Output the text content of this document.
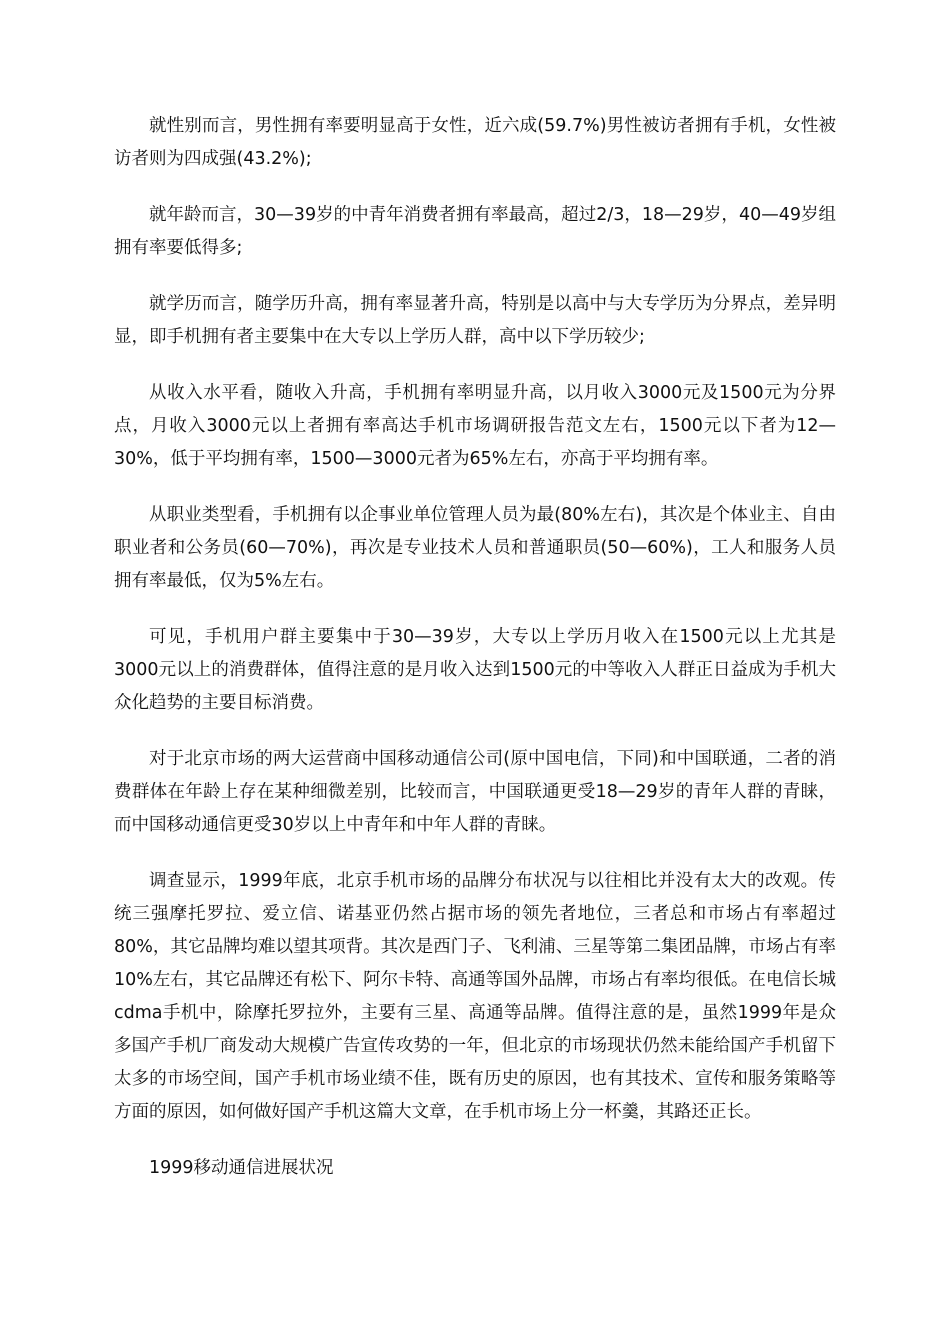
就性别而言，男性拥有率要明显高于女性，近六成(59.7%)男性被访者拥有手机，女性被访者则为四成强(43.2%);

就年龄而言，30—39岁的中青年消费者拥有率最高，超过2/3，18—29岁，40—49岁组拥有率要低得多;

就学历而言，随学历升高，拥有率显著升高，特别是以高中与大专学历为分界点，差异明显，即手机拥有者主要集中在大专以上学历人群，高中以下学历较少;

从收入水平看，随收入升高，手机拥有率明显升高，以月收入3000元及1500元为分界点，月收入3000元以上者拥有率高达手机市场调研报告范文左右，1500元以下者为12—30%，低于平均拥有率，1500—3000元者为65%左右，亦高于平均拥有率。

从职业类型看，手机拥有以企事业单位管理人员为最(80%左右)，其次是个体业主、自由职业者和公务员(60—70%)，再次是专业技术人员和普通职员(50—60%)，工人和服务人员拥有率最低，仅为5%左右。

可见，手机用户群主要集中于30—39岁，大专以上学历月收入在1500元以上尤其是3000元以上的消费群体，值得注意的是月收入达到1500元的中等收入人群正日益成为手机大众化趋势的主要目标消费。

对于北京市场的两大运营商中国移动通信公司(原中国电信，下同)和中国联通，二者的消费群体在年龄上存在某种细微差别，比较而言，中国联通更受18—29岁的青年人群的青睐，而中国移动通信更受30岁以上中青年和中年人群的青睐。

调查显示，1999年底，北京手机市场的品牌分布状况与以往相比并没有太大的改观。传统三强摩托罗拉、爱立信、诺基亚仍然占据市场的领先者地位，三者总和市场占有率超过80%，其它品牌均难以望其项背。其次是西门子、飞利浦、三星等第二集团品牌，市场占有率10%左右，其它品牌还有松下、阿尔卡特、高通等国外品牌，市场占有率均很低。在电信长城cdma手机中，除摩托罗拉外，主要有三星、高通等品牌。值得注意的是，虽然1999年是众多国产手机厂商发动大规模广告宣传攻势的一年，但北京的市场现状仍然未能给国产手机留下太多的市场空间，国产手机市场业绩不佳，既有历史的原因，也有其技术、宣传和服务策略等方面的原因，如何做好国产手机这篇大文章，在手机市场上分一杯羹，其路还正长。

1999移动通信进展状况
